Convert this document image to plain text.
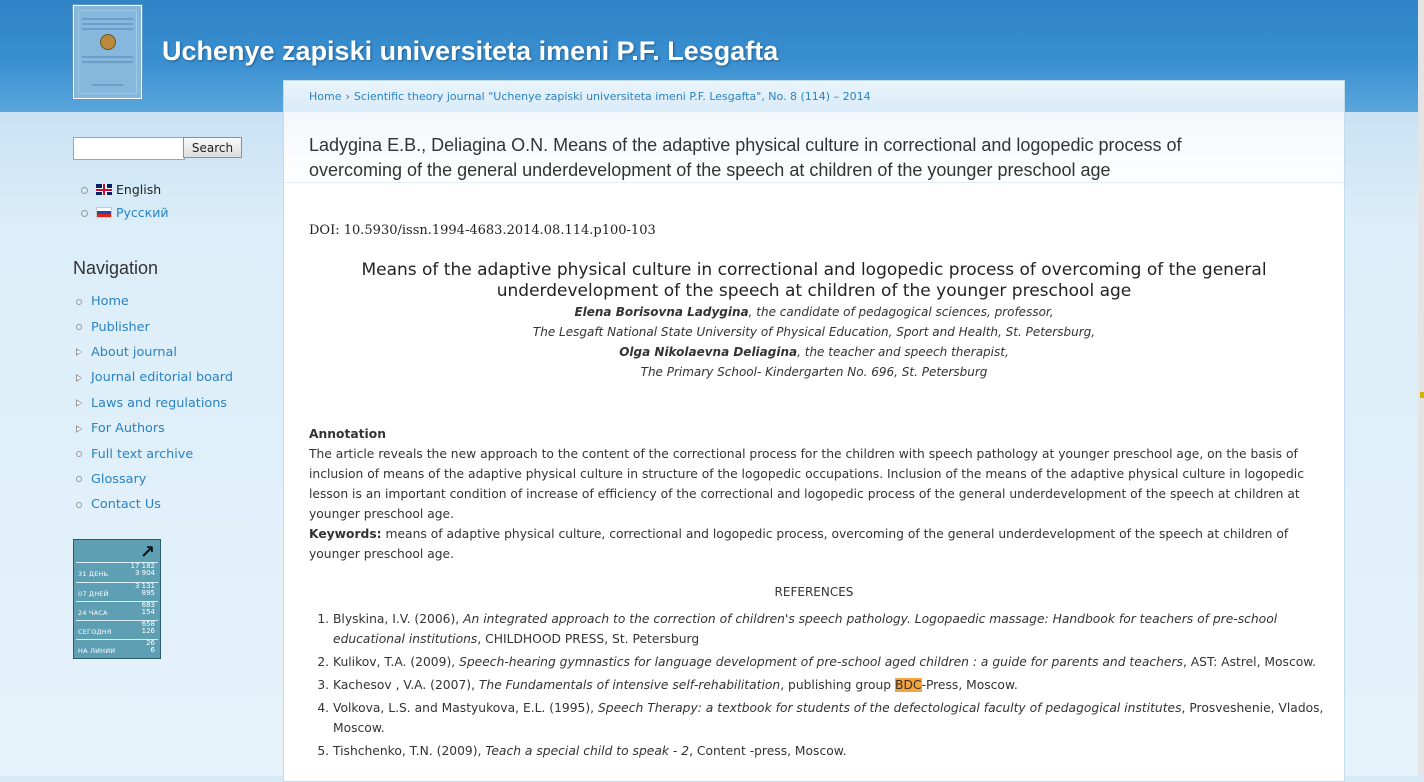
Uchenye zapiski universiteta imeni P.F. Lesgafta
Home › Scientific theory journal "Uchenye zapiski universiteta imeni P.F. Lesgafta", No. 8 (114) – 2014
Ladygina E.B., Deliagina O.N. Means of the adaptive physical culture in correctional and logopedic process of overcoming of the general underdevelopment of the speech at children of the younger preschool age
DOI: 10.5930/issn.1994-4683.2014.08.114.p100-103
Means of the adaptive physical culture in correctional and logopedic process of overcoming of the general underdevelopment of the speech at children of the younger preschool age
Elena Borisovna Ladygina, the candidate of pedagogical sciences, professor,
The Lesgaft National State University of Physical Education, Sport and Health, St. Petersburg,
Olga Nikolaevna Deliagina, the teacher and speech therapist,
The Primary School- Kindergarten No. 696, St. Petersburg
Annotation
The article reveals the new approach to the content of the correctional process for the children with speech pathology at younger preschool age, on the basis of inclusion of means of the adaptive physical culture in structure of the logopedic occupations. Inclusion of the means of the adaptive physical culture in logopedic lesson is an important condition of increase of efficiency of the correctional and logopedic process of the general underdevelopment of the speech at children at younger preschool age.
Keywords: means of adaptive physical culture, correctional and logopedic process, overcoming of the general underdevelopment of the speech at children of younger preschool age.
REFERENCES
1. Blyskina, I.V. (2006), An integrated approach to the correction of children's speech pathology. Logopaedic massage: Handbook for teachers of pre-school educational institutions, CHILDHOOD PRESS, St. Petersburg
2. Kulikov, T.A. (2009), Speech-hearing gymnastics for language development of pre-school aged children : a guide for parents and teachers, AST: Astrel, Moscow.
3. Kachesov , V.A. (2007), The Fundamentals of intensive self-rehabilitation, publishing group BDC-Press, Moscow.
4. Volkova, L.S. and Mastyukova, E.L. (1995), Speech Therapy: a textbook for students of the defectological faculty of pedagogical institutes, Prosveshenie, Vlados, Moscow.
5. Tishchenko, T.N. (2009), Teach a special child to speak - 2, Content -press, Moscow.
Search
English
Русский
Navigation
Home
Publisher
About journal
Journal editorial board
Laws and regulations
For Authors
Full text archive
Glossary
Contact Us
↗
31 ДЕНЬ
17 182
3 904
07 ДНЕЙ
3 131
895
24 ЧАСА
683
154
СЕГОДНЯ
658
126
НА ЛИНИИ
26
6
